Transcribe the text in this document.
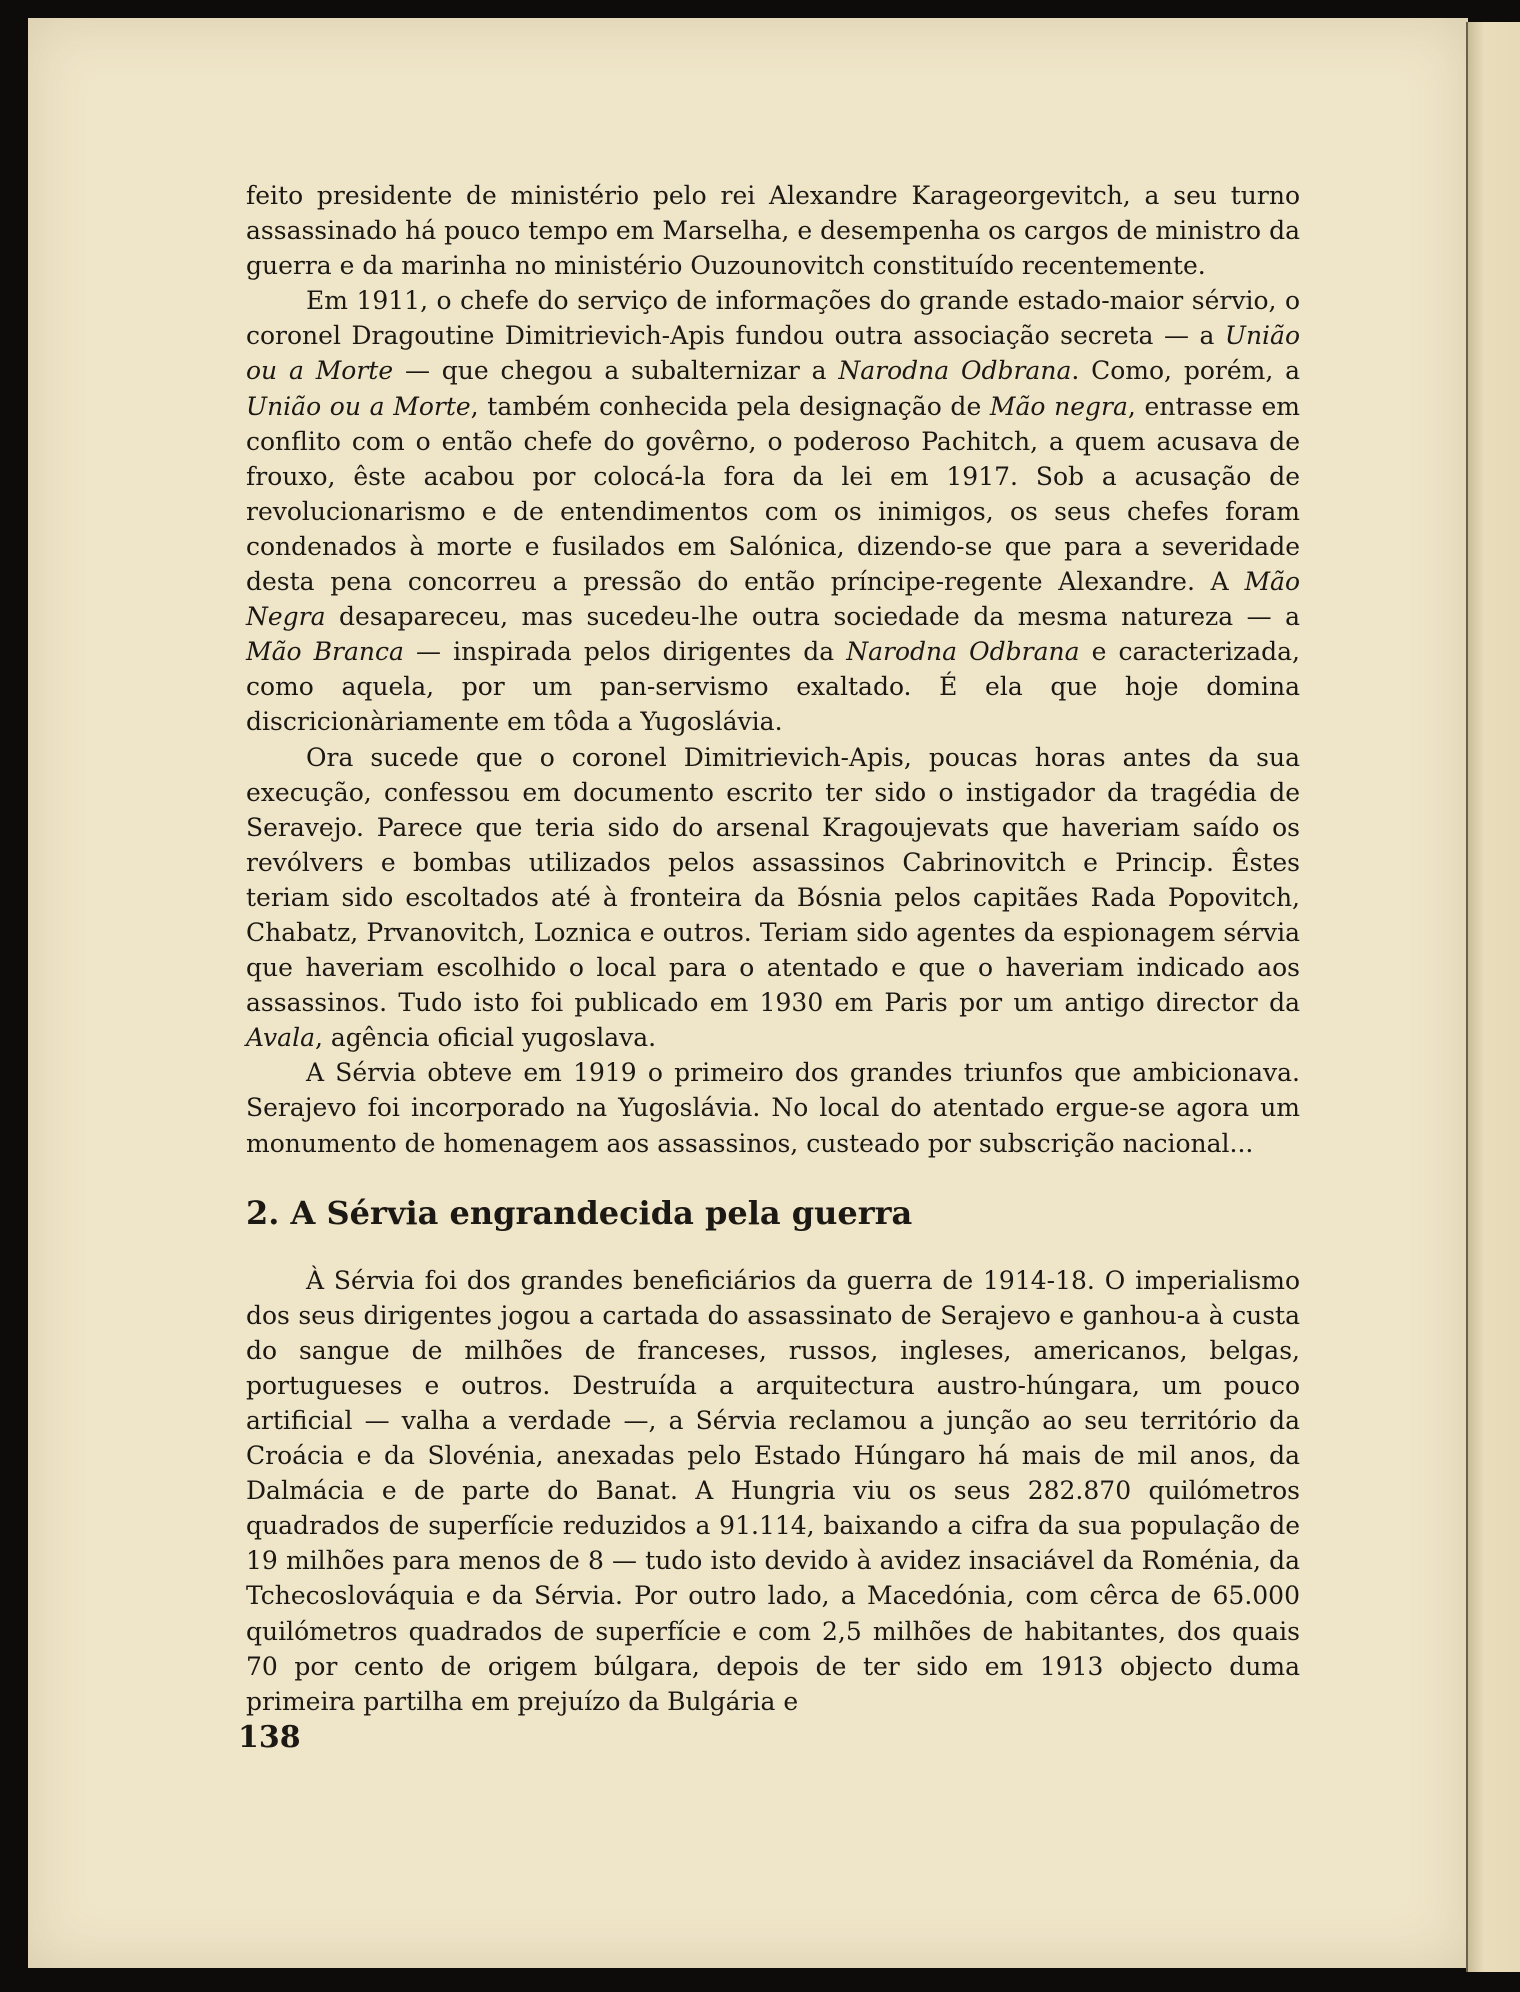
feito presidente de ministério pelo rei Alexandre Karageorgevitch, a seu turno assassinado há pouco tempo em Marselha, e desempenha os cargos de ministro da guerra e da marinha no ministério Ouzounovitch constituído recentemente.

Em 1911, o chefe do serviço de informações do grande estado-maior sérvio, o coronel Dragoutine Dimitrievich-Apis fundou outra associação secreta — a União ou a Morte — que chegou a subalternizar a Narodna Odbrana. Como, porém, a União ou a Morte, também conhecida pela designação de Mão negra, entrasse em conflito com o então chefe do govêrno, o poderoso Pachitch, a quem acusava de frouxo, êste acabou por colocá-la fora da lei em 1917. Sob a acusação de revolucionarismo e de entendimentos com os inimigos, os seus chefes foram condenados à morte e fusilados em Salónica, dizendo-se que para a severidade desta pena concorreu a pressão do então príncipe-regente Alexandre. A Mão Negra desapareceu, mas sucedeu-lhe outra sociedade da mesma natureza — a Mão Branca — inspirada pelos dirigentes da Narodna Odbrana e caracterizada, como aquela, por um pan-servismo exaltado. É ela que hoje domina discricionàriamente em tôda a Yugoslávia.

Ora sucede que o coronel Dimitrievich-Apis, poucas horas antes da sua execução, confessou em documento escrito ter sido o instigador da tragédia de Seravejo. Parece que teria sido do arsenal Kragoujevats que haveriam saído os revólvers e bombas utilizados pelos assassinos Cabrinovitch e Princip. Êstes teriam sido escoltados até à fronteira da Bósnia pelos capitães Rada Popovitch, Chabatz, Prvanovitch, Loznica e outros. Teriam sido agentes da espionagem sérvia que haveriam escolhido o local para o atentado e que o haveriam indicado aos assassinos. Tudo isto foi publicado em 1930 em Paris por um antigo director da Avala, agência oficial yugoslava.

A Sérvia obteve em 1919 o primeiro dos grandes triunfos que ambicionava. Serajevo foi incorporado na Yugoslávia. No local do atentado ergue-se agora um monumento de homenagem aos assassinos, custeado por subscrição nacional...

2. A Sérvia engrandecida pela guerra

À Sérvia foi dos grandes beneficiários da guerra de 1914-18. O imperialismo dos seus dirigentes jogou a cartada do assassinato de Serajevo e ganhou-a à custa do sangue de milhões de franceses, russos, ingleses, americanos, belgas, portugueses e outros. Destruída a arquitectura austro-húngara, um pouco artificial — valha a verdade —, a Sérvia reclamou a junção ao seu território da Croácia e da Slovénia, anexadas pelo Estado Húngaro há mais de mil anos, da Dalmácia e de parte do Banat. A Hungria viu os seus 282.870 quilómetros quadrados de superfície reduzidos a 91.114, baixando a cifra da sua população de 19 milhões para menos de 8 — tudo isto devido à avidez insaciável da Roménia, da Tchecoslováquia e da Sérvia. Por outro lado, a Macedónia, com cêrca de 65.000 quilómetros quadrados de superfície e com 2,5 milhões de habitantes, dos quais 70 por cento de origem búlgara, depois de ter sido em 1913 objecto duma primeira partilha em prejuízo da Bulgária e

138
